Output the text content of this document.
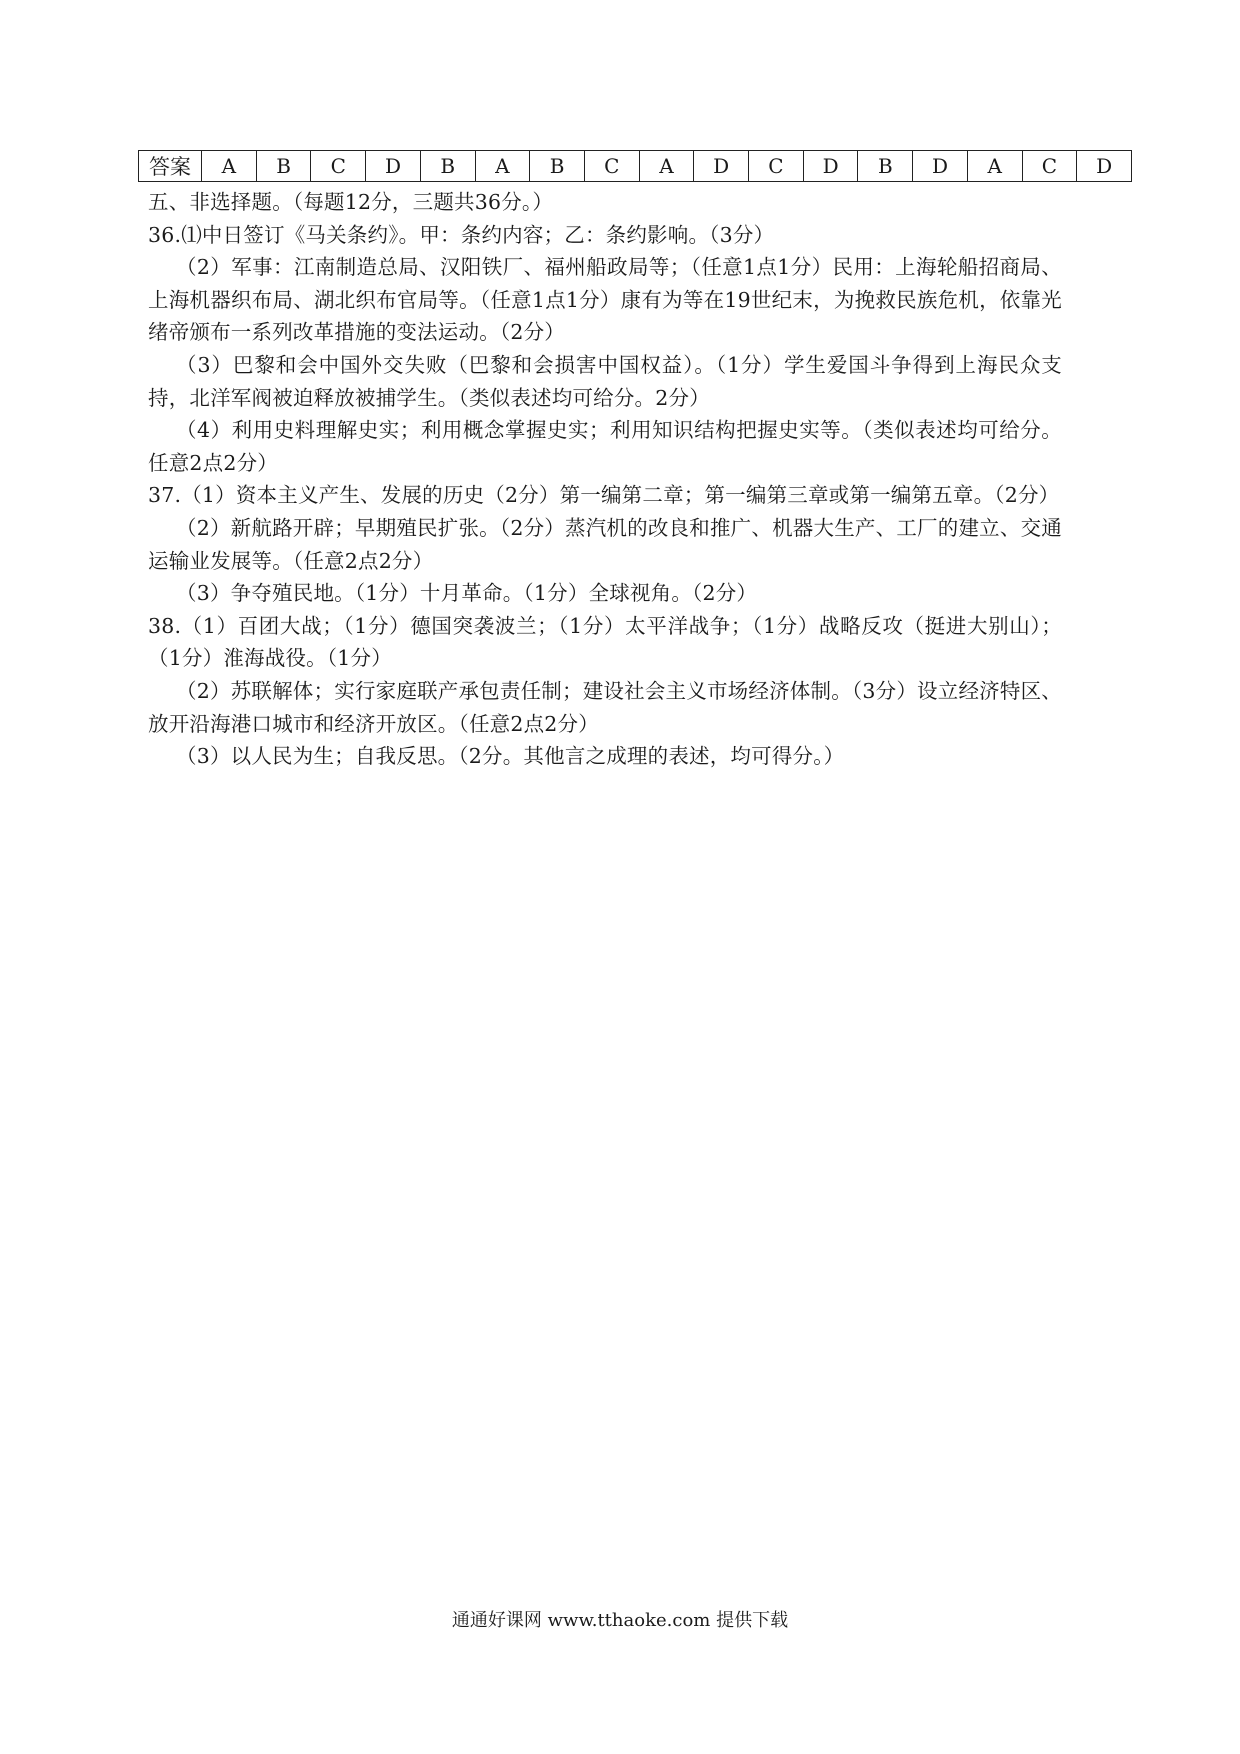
答案	A	B	C	D	B	A	B	C	A	D	C	D	B	D	A	C	D

五、非选择题。（每题12分，三题共36分。）

36.⑴中日签订《马关条约》。甲：条约内容；乙：条约影响。（3分）

（2）军事：江南制造总局、汉阳铁厂、福州船政局等；（任意1点1分）民用：上海轮船招商局、上海机器织布局、湖北织布官局等。（任意1点1分）康有为等在19世纪末，为挽救民族危机，依靠光绪帝颁布一系列改革措施的变法运动。（2分）

（3）巴黎和会中国外交失败（巴黎和会损害中国权益）。（1分）学生爱国斗争得到上海民众支持，北洋军阀被迫释放被捕学生。（类似表述均可给分。2分）

（4）利用史料理解史实；利用概念掌握史实；利用知识结构把握史实等。（类似表述均可给分。任意2点2分）

37.（1）资本主义产生、发展的历史（2分）第一编第二章；第一编第三章或第一编第五章。（2分）

（2）新航路开辟；早期殖民扩张。（2分）蒸汽机的改良和推广、机器大生产、工厂的建立、交通运输业发展等。（任意2点2分）

（3）争夺殖民地。（1分）十月革命。（1分）全球视角。（2分）

38.（1）百团大战；（1分）德国突袭波兰；（1分）太平洋战争；（1分）战略反攻（挺进大别山）；（1分）淮海战役。（1分）

（2）苏联解体；实行家庭联产承包责任制；建设社会主义市场经济体制。（3分）设立经济特区、放开沿海港口城市和经济开放区。（任意2点2分）

（3）以人民为生；自我反思。（2分。其他言之成理的表述，均可得分。）

通通好课网 www.tthaoke.com 提供下载
